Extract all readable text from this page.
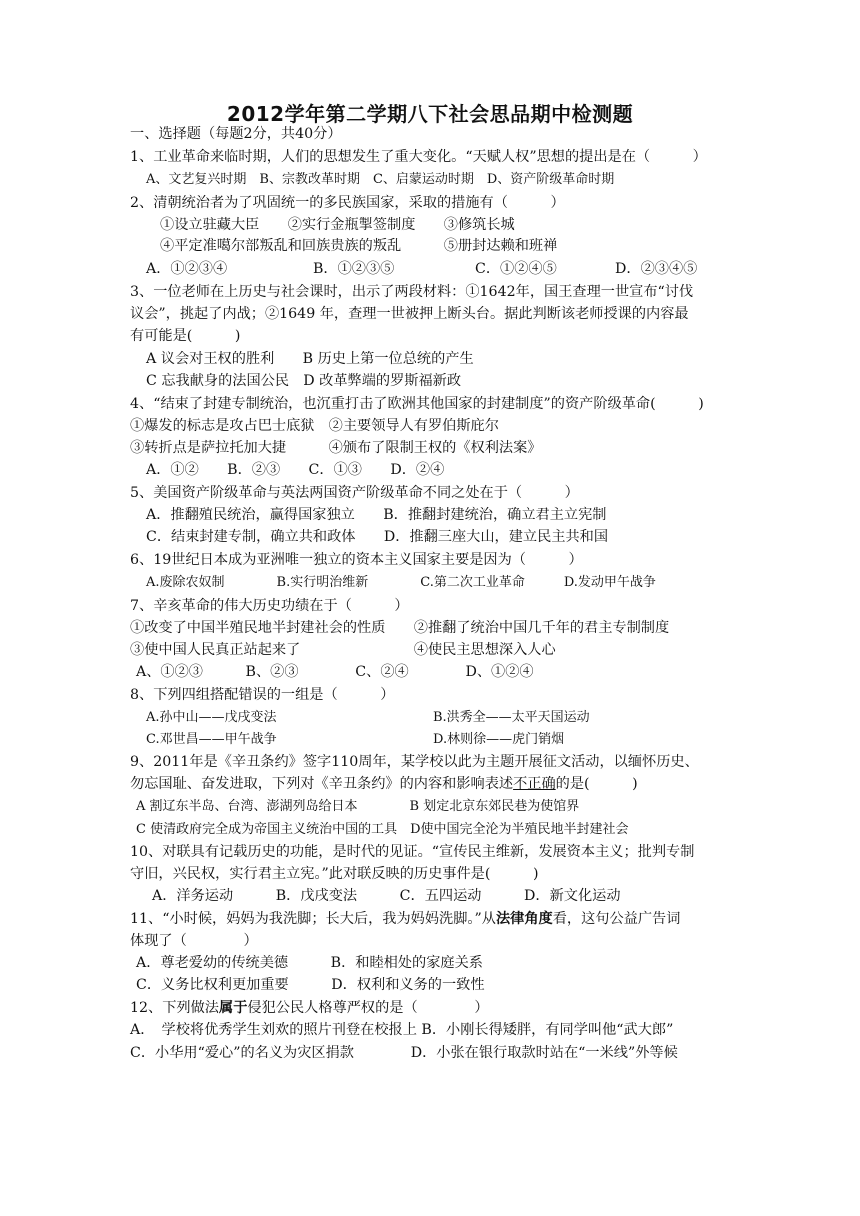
2012学年第二学期八下社会思品期中检测题
一、选择题（每题2分，共40分）
1、工业革命来临时期，人们的思想发生了重大变化。“天赋人权”思想的提出是在（　　　）
A、文艺复兴时期　B、宗教改革时期　C、启蒙运动时期　D、资产阶级革命时期
2、清朝统治者为了巩固统一的多民族国家，采取的措施有（　　　）
①设立驻藏大臣　　②实行金瓶掣签制度　　③修筑长城
④平定准噶尔部叛乱和回族贵族的叛乱　　　⑤册封达赖和班禅
A．①②③④	B．①②③⑤	C．①②④⑤	D．②③④⑤
3、一位老师在上历史与社会课时，出示了两段材料：①1642年，国王查理一世宣布“讨伐
议会”，挑起了内战；②1649 年，查理一世被押上断头台。据此判断该老师授课的内容最
有可能是(　　　)
A 议会对王权的胜利　　B 历史上第一位总统的产生
C 忘我献身的法国公民　D 改革弊端的罗斯福新政
4、“结束了封建专制统治，也沉重打击了欧洲其他国家的封建制度”的资产阶级革命(　　　)
①爆发的标志是攻占巴士底狱　②主要领导人有罗伯斯庇尔
③转折点是萨拉托加大捷　　　④颁布了限制王权的《权利法案》
A．①②　　B．②③　　C．①③　　D．②④
5、美国资产阶级革命与英法两国资产阶级革命不同之处在于（　　　）
A．推翻殖民统治，赢得国家独立　　B．推翻封建统治，确立君主立宪制
C．结束封建专制，确立共和政体　　D．推翻三座大山，建立民主共和国
6、19世纪日本成为亚洲唯一独立的资本主义国家主要是因为（　　　）
A.废除农奴制　　　　B.实行明治维新　　　　C.第二次工业革命　　　D.发动甲午战争
7、辛亥革命的伟大历史功绩在于（　　　）
①改变了中国半殖民地半封建社会的性质　　②推翻了统治中国几千年的君主专制制度
③使中国人民真正站起来了　　　　　　　　④使民主思想深入人心
A、①②③　　　B、②③　　　　C、②④　　　　D、①②④
8、下列四组搭配错误的一组是（　　　）
A.孙中山——戊戌变法	B.洪秀全——太平天国运动
C.邓世昌——甲午战争	D.林则徐——虎门销烟
9、2011年是《辛丑条约》签字110周年，某学校以此为主题开展征文活动，以缅怀历史、
勿忘国耻、奋发进取，下列对《辛丑条约》的内容和影响表述不正确的是(　　　)
A 割辽东半岛、台湾、澎湖列岛给日本　　　　B 划定北京东郊民巷为使馆界
C 使清政府完全成为帝国主义统治中国的工具　D使中国完全沦为半殖民地半封建社会
10、对联具有记载历史的功能，是时代的见证。“宣传民主维新，发展资本主义；批判专制
守旧，兴民权，实行君主立宪。”此对联反映的历史事件是(　　　)
A．洋务运动　　　B．戊戌变法　　　C．五四运动　　　D．新文化运动
11、“小时候，妈妈为我洗脚；长大后，我为妈妈洗脚。”从法律角度看，这句公益广告词
体现了（　　　　）
A．尊老爱幼的传统美德　　　B．和睦相处的家庭关系
C．义务比权利更加重要　　　D．权利和义务的一致性
12、下列做法属于侵犯公民人格尊严权的是（　　　　）
A．　学校将优秀学生刘欢的照片刊登在校报上 B．小刚长得矮胖，有同学叫他“武大郎”
C．小华用“爱心”的名义为灾区捐款　　　　D．小张在银行取款时站在“一米线”外等候
